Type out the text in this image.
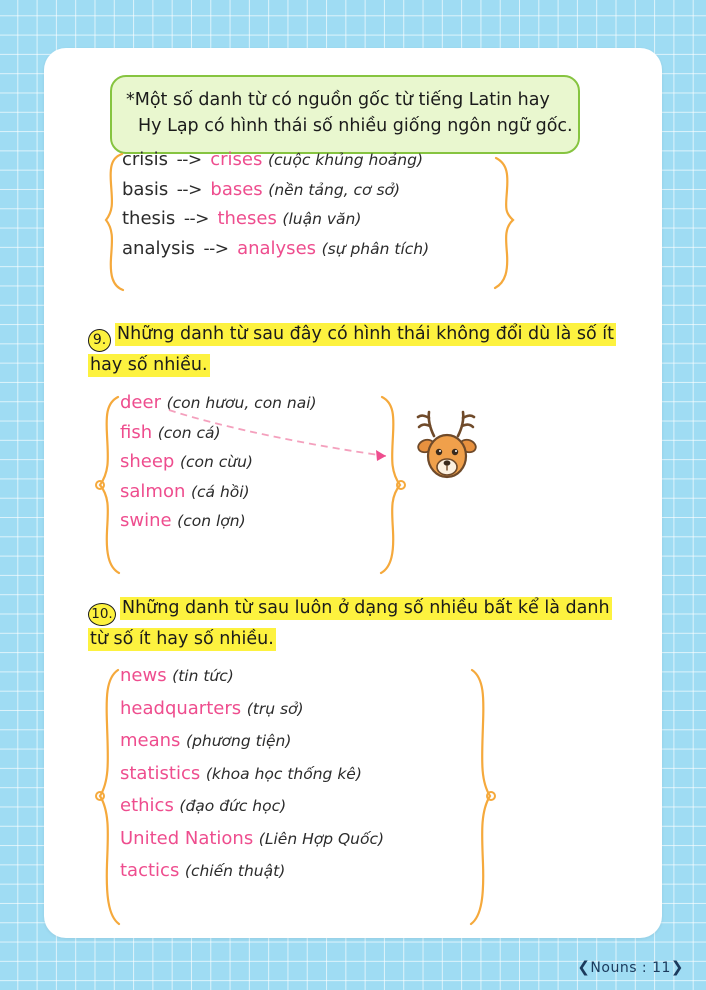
*Một số danh từ có nguồn gốc từ tiếng Latin hay
Hy Lạp có hình thái số nhiều giống ngôn ngữ gốc.
crisis --> crises (cuộc khủng hoảng)
basis --> bases (nền tảng, cơ sở)
thesis --> theses (luận văn)
analysis --> analyses (sự phân tích)
9. Những danh từ sau đây có hình thái không đổi dù là số ít
hay số nhiều.
deer (con hươu, con nai)
fish (con cá)
sheep (con cừu)
salmon (cá hồi)
swine (con lợn)
10. Những danh từ sau luôn ở dạng số nhiều bất kể là danh
từ số ít hay số nhiều.
news (tin tức)
headquarters (trụ sở)
means (phương tiện)
statistics (khoa học thống kê)
ethics (đạo đức học)
United Nations (Liên Hợp Quốc)
tactics (chiến thuật)
❮Nouns : 11❯
